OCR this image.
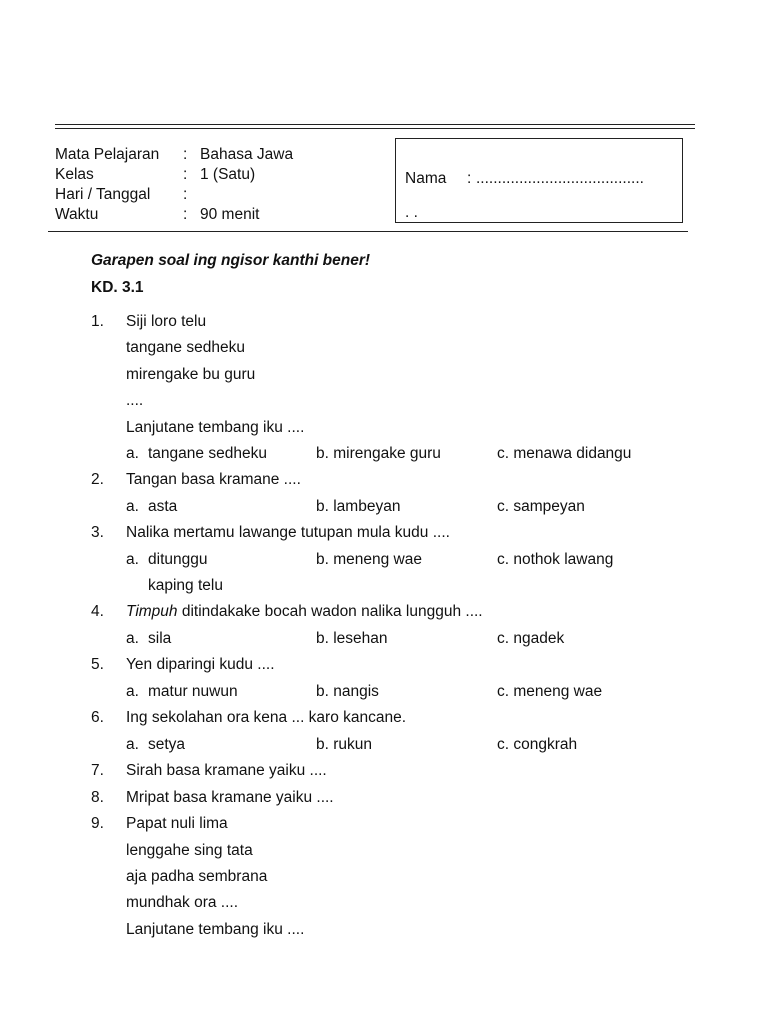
Mata Pelajaran : Bahasa Jawa
Kelas	: 1 (Satu)
Hari / Tanggal :
Waktu	: 90 menit
Nama : .......................................
. .
Garapen soal ing ngisor kanthi bener!
KD. 3.1
1. Siji loro telu
tangane sedheku
mirengake bu guru
....
Lanjutane tembang iku ....
a. tangane sedheku	b. mirengake guru	c. menawa didangu
2. Tangan basa kramane ....
a. asta	b. lambeyan	c. sampeyan
3. Nalika mertamu lawange tutupan mula kudu ....
a. ditunggu
kaping telu
b. meneng wae	c. nothok lawang
4. Timpuh ditindakake bocah wadon nalika lungguh ....
a. sila	b. lesehan	c. ngadek
5. Yen diparingi kudu ....
a. matur nuwun	b. nangis	c. meneng wae
6. Ing sekolahan ora kena ... karo kancane.
a. setya	b. rukun	c. congkrah
7. Sirah basa kramane yaiku ....
8. Mripat basa kramane yaiku ....
9. Papat nuli lima
lenggahe sing tata
aja padha sembrana
mundhak ora ....
Lanjutane tembang iku ....
